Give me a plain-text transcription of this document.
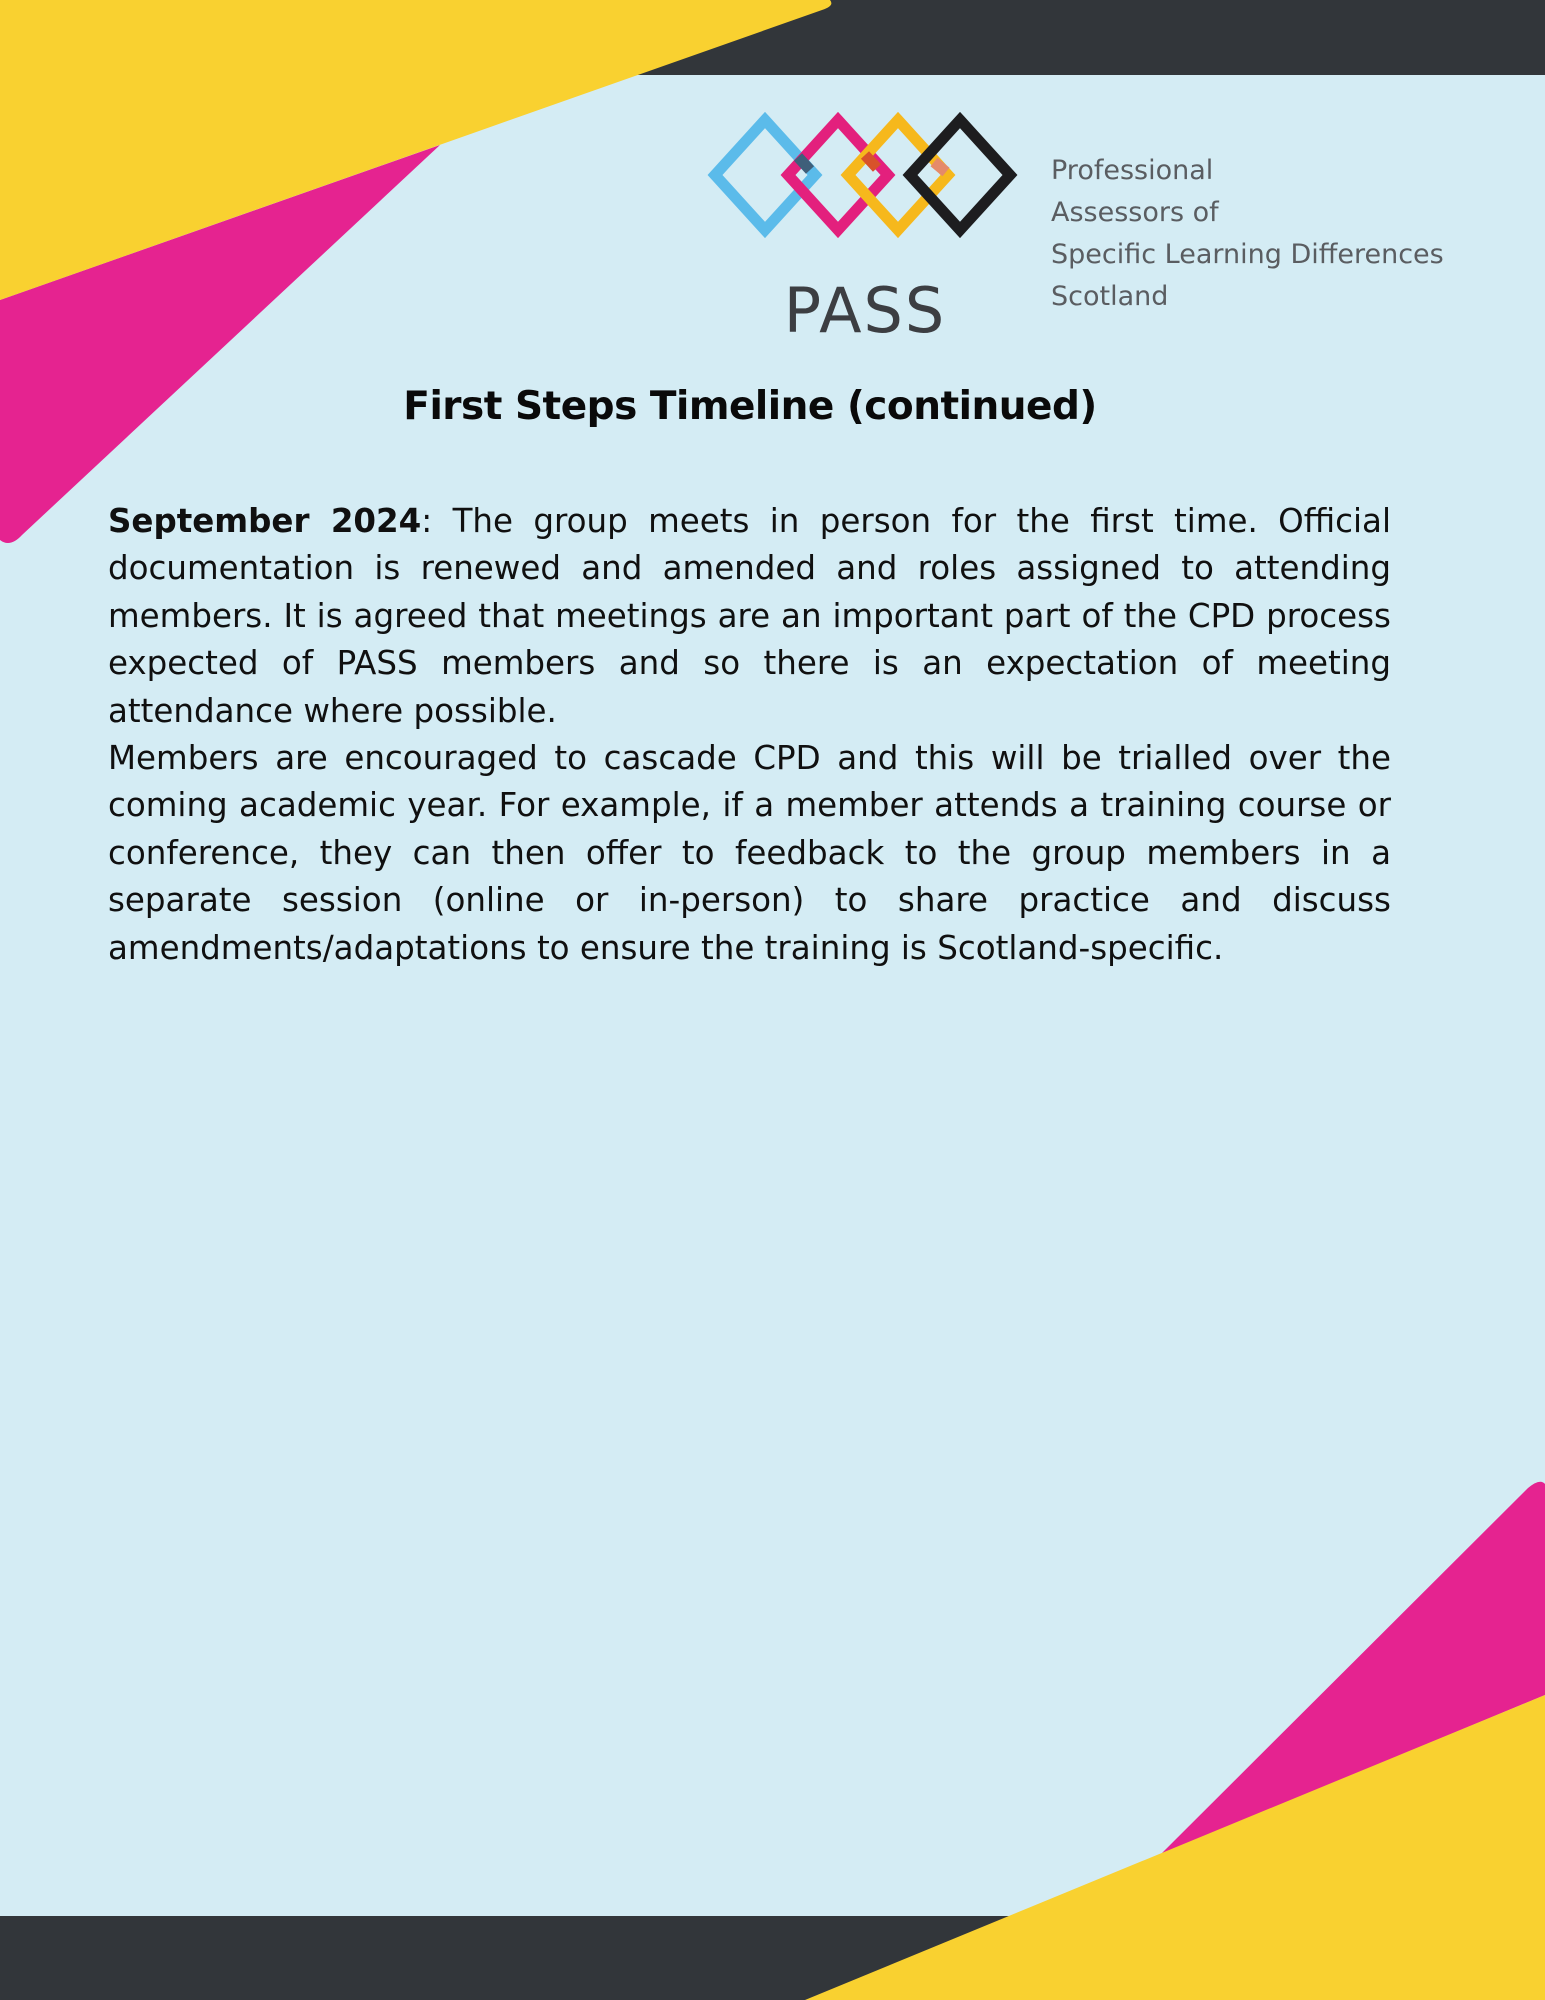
PASS
Professional
Assessors of
Specific Learning Differences
Scotland
First Steps Timeline (continued)

September 2024: The group meets in person for the first time. Official documentation is renewed and amended and roles assigned to attending members. It is agreed that meetings are an important part of the CPD process expected of PASS members and so there is an expectation of meeting attendance where possible.

Members are encouraged to cascade CPD and this will be trialled over the coming academic year. For example, if a member attends a training course or conference, they can then offer to feedback to the group members in a separate session (online or in-person) to share practice and discuss amendments/adaptations to ensure the training is Scotland-specific.
